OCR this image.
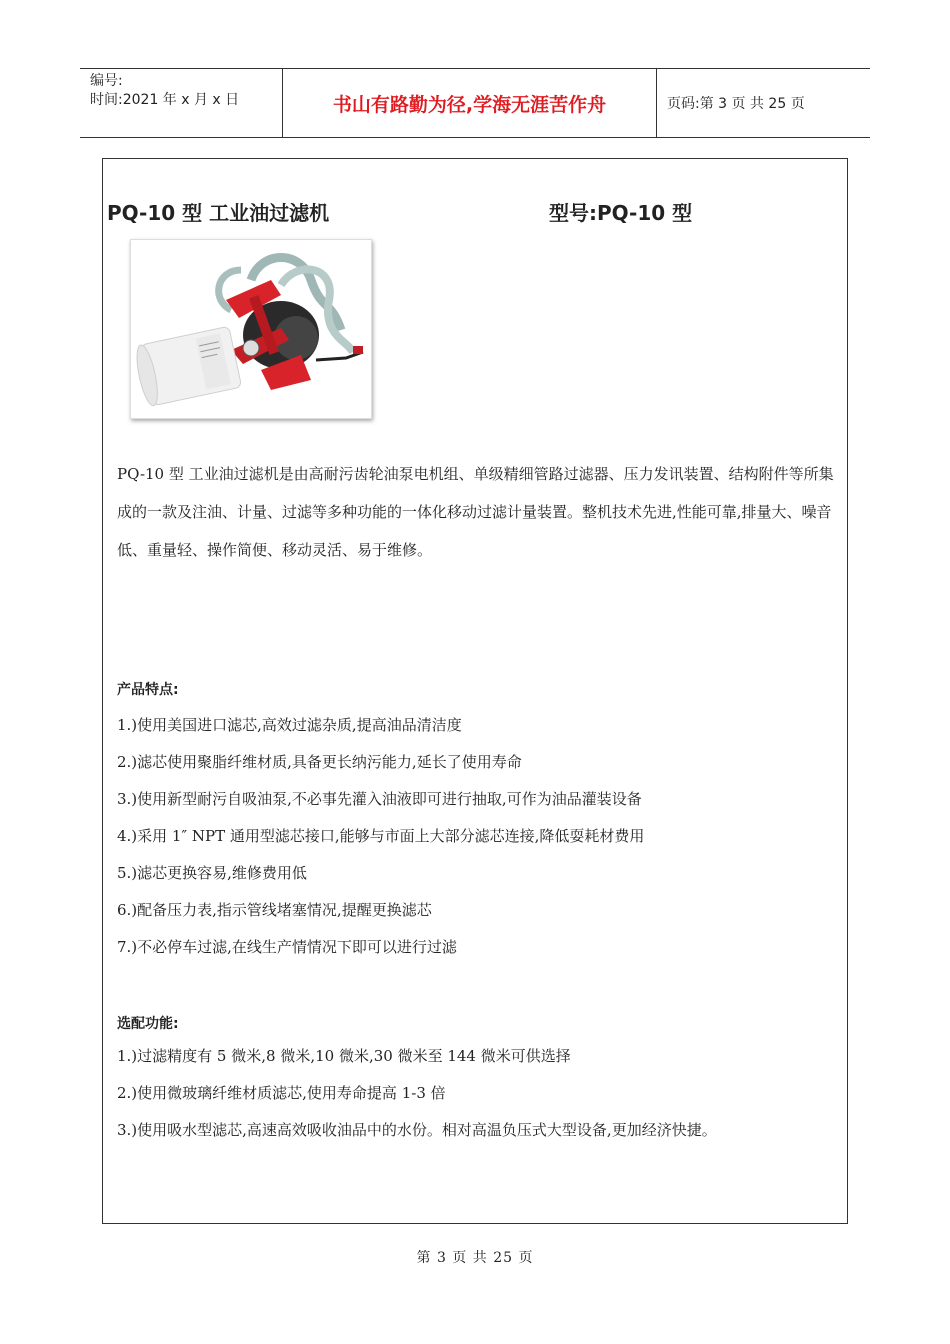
编号:
时间:2021 年 x 月 x 日	书山有路勤为径,学海无涯苦作舟	页码:第 3 页 共 25 页
PQ-10 型 工业油过滤机	型号:PQ-10 型

PQ-10 型 工业油过滤机是由高耐污齿轮油泵电机组、单级精细管路过滤器、压力发讯装置、结构附件等所集成的一款及注油、计量、过滤等多种功能的一体化移动过滤计量装置。整机技术先进,性能可靠,排量大、噪音低、重量轻、操作简便、移动灵活、易于维修。

产品特点:
1.)使用美国进口滤芯,高效过滤杂质,提高油品清洁度
2.)滤芯使用聚脂纤维材质,具备更长纳污能力,延长了使用寿命
3.)使用新型耐污自吸油泵,不必事先灌入油液即可进行抽取,可作为油品灌装设备
4.)采用 1″ NPT 通用型滤芯接口,能够与市面上大部分滤芯连接,降低耍耗材费用
5.)滤芯更换容易,维修费用低
6.)配备压力表,指示管线堵塞情况,提醒更换滤芯
7.)不必停车过滤,在线生产情情况下即可以进行过滤
选配功能:
1.)过滤精度有 5 微米,8 微米,10 微米,30 微米至 144 微米可供选择
2.)使用微玻璃纤维材质滤芯,使用寿命提高 1-3 倍
3.)使用吸水型滤芯,高速高效吸收油品中的水份。相对高温负压式大型设备,更加经济快捷。
第 3 页 共 25 页
